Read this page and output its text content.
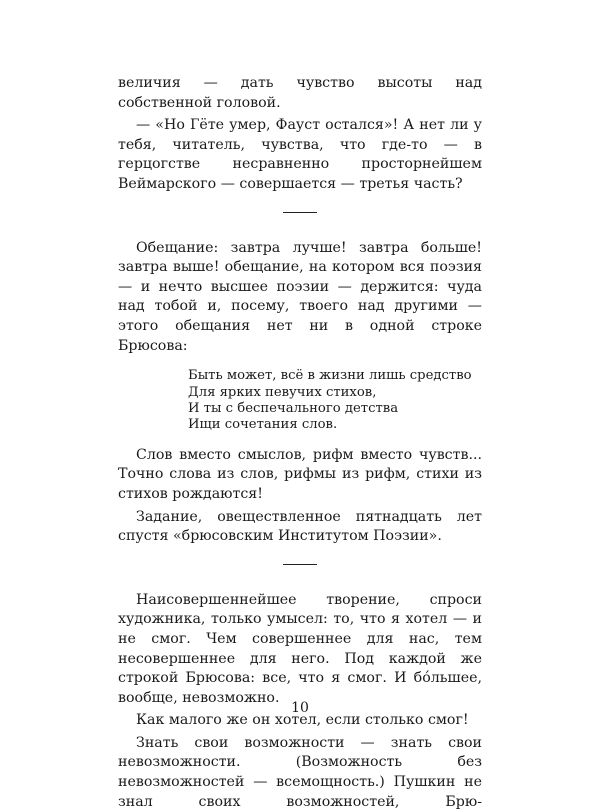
величия — дать чувство высоты над собственной головой.

— «Но Гёте умер, Фауст остался»! А нет ли у тебя, читатель, чувства, что где-то — в герцогстве несравненно просторнейшем Веймарского — совершается — третья часть?

Обещание: завтра лучше! завтра больше! завтра выше! обещание, на котором вся поэзия — и нечто высшее поэзии — держится: чуда над тобой и, посему, твоего над другими — этого обещания нет ни в одной строке Брюсова:

Быть может, всё в жизни лишь средство
Для ярких певучих стихов,
И ты с беспечального детства
Ищи сочетания слов.

Слов вместо смыслов, рифм вместо чувств... Точно слова из слов, рифмы из рифм, стихи из стихов рождаются!

Задание, овеществленное пятнадцать лет спустя «брюсовским Институтом Поэзии».

Наисовершеннейшее творение, спроси художника, только умысел: то, что я хотел — и не смог. Чем совершеннее для нас, тем несовершеннее для него. Под каждой же строкой Брюсова: все, что я смог. И бóльшее, вообще, невозможно.

Как малого же он хотел, если столько смог!

Знать свои возможности — знать свои невозможности. (Возможность без невозможностей — всемощность.) Пушкин не знал своих возможностей, Брю-

10
